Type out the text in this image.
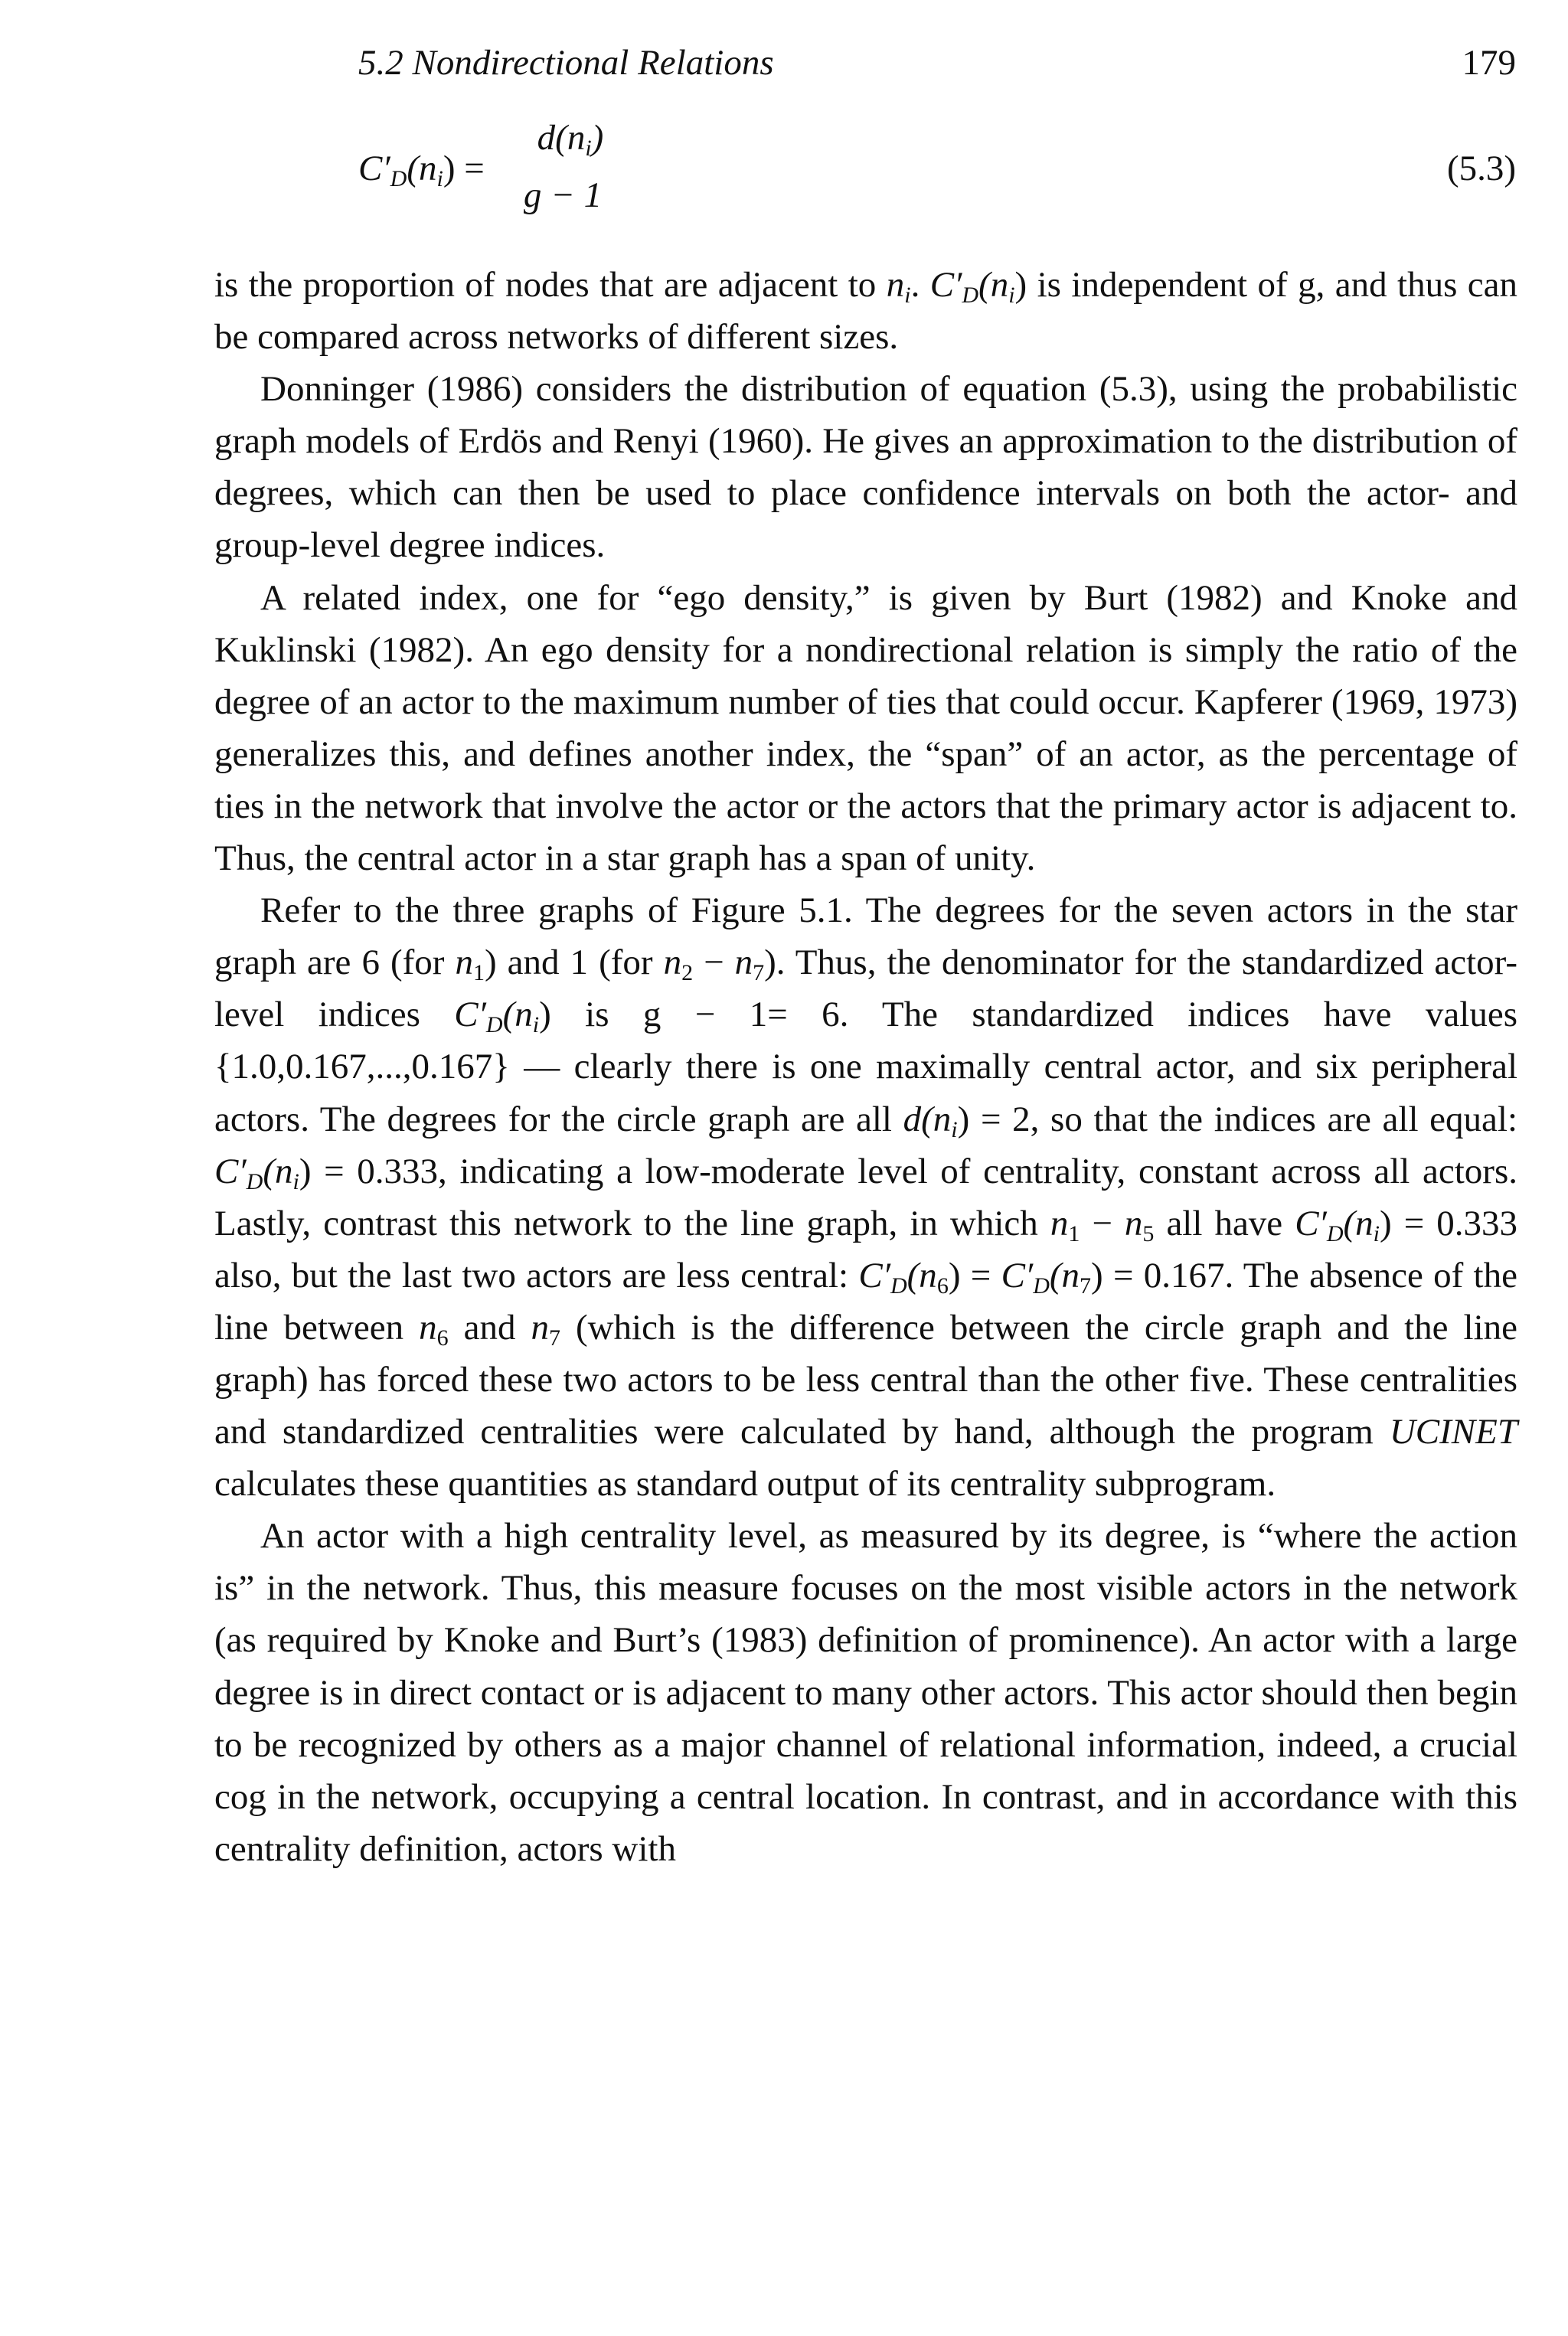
5.2 Nondirectional Relations	179
$C'_D(n_i)$ =
$d(n_i)$
g − 1
(5.3)

is the proportion of nodes that are adjacent to $n_i$. $C'_D(n_i)$ is independent of g, and thus can be compared across networks of different sizes.

Donninger (1986) considers the distribution of equation (5.3), using the probabilistic graph models of Erdös and Renyi (1960). He gives an approximation to the distribution of degrees, which can then be used to place confidence intervals on both the actor- and group-level degree indices.

A related index, one for “ego density,” is given by Burt (1982) and Knoke and Kuklinski (1982). An ego density for a nondirectional relation is simply the ratio of the degree of an actor to the maximum number of ties that could occur. Kapferer (1969, 1973) generalizes this, and defines another index, the “span” of an actor, as the percentage of ties in the network that involve the actor or the actors that the primary actor is adjacent to. Thus, the central actor in a star graph has a span of unity.

Refer to the three graphs of Figure 5.1. The degrees for the seven actors in the star graph are 6 (for $n_1$) and 1 (for $n_2 - n_7$). Thus, the denominator for the standardized actor-level indices $C'_D(n_i)$ is g − 1= 6. The standardized indices have values {1.0,0.167,...,0.167} — clearly there is one maximally central actor, and six peripheral actors. The degrees for the circle graph are all $d(n_i) = 2$, so that the indices are all equal: $C'_D(n_i) = 0.333$, indicating a low-moderate level of centrality, constant across all actors. Lastly, contrast this network to the line graph, in which $n_1 - n_5$ all have $C'_D(n_i) = 0.333$ also, but the last two actors are less central: $C'_D(n_6) = C'_D(n_7) = 0.167$. The absence of the line between $n_6$ and $n_7$ (which is the difference between the circle graph and the line graph) has forced these two actors to be less central than the other five. These centralities and standardized centralities were calculated by hand, although the program UCINET calculates these quantities as standard output of its centrality subprogram.

An actor with a high centrality level, as measured by its degree, is “where the action is” in the network. Thus, this measure focuses on the most visible actors in the network (as required by Knoke and Burt’s (1983) definition of prominence). An actor with a large degree is in direct contact or is adjacent to many other actors. This actor should then begin to be recognized by others as a major channel of relational information, indeed, a crucial cog in the network, occupying a central location. In contrast, and in accordance with this centrality definition, actors with
